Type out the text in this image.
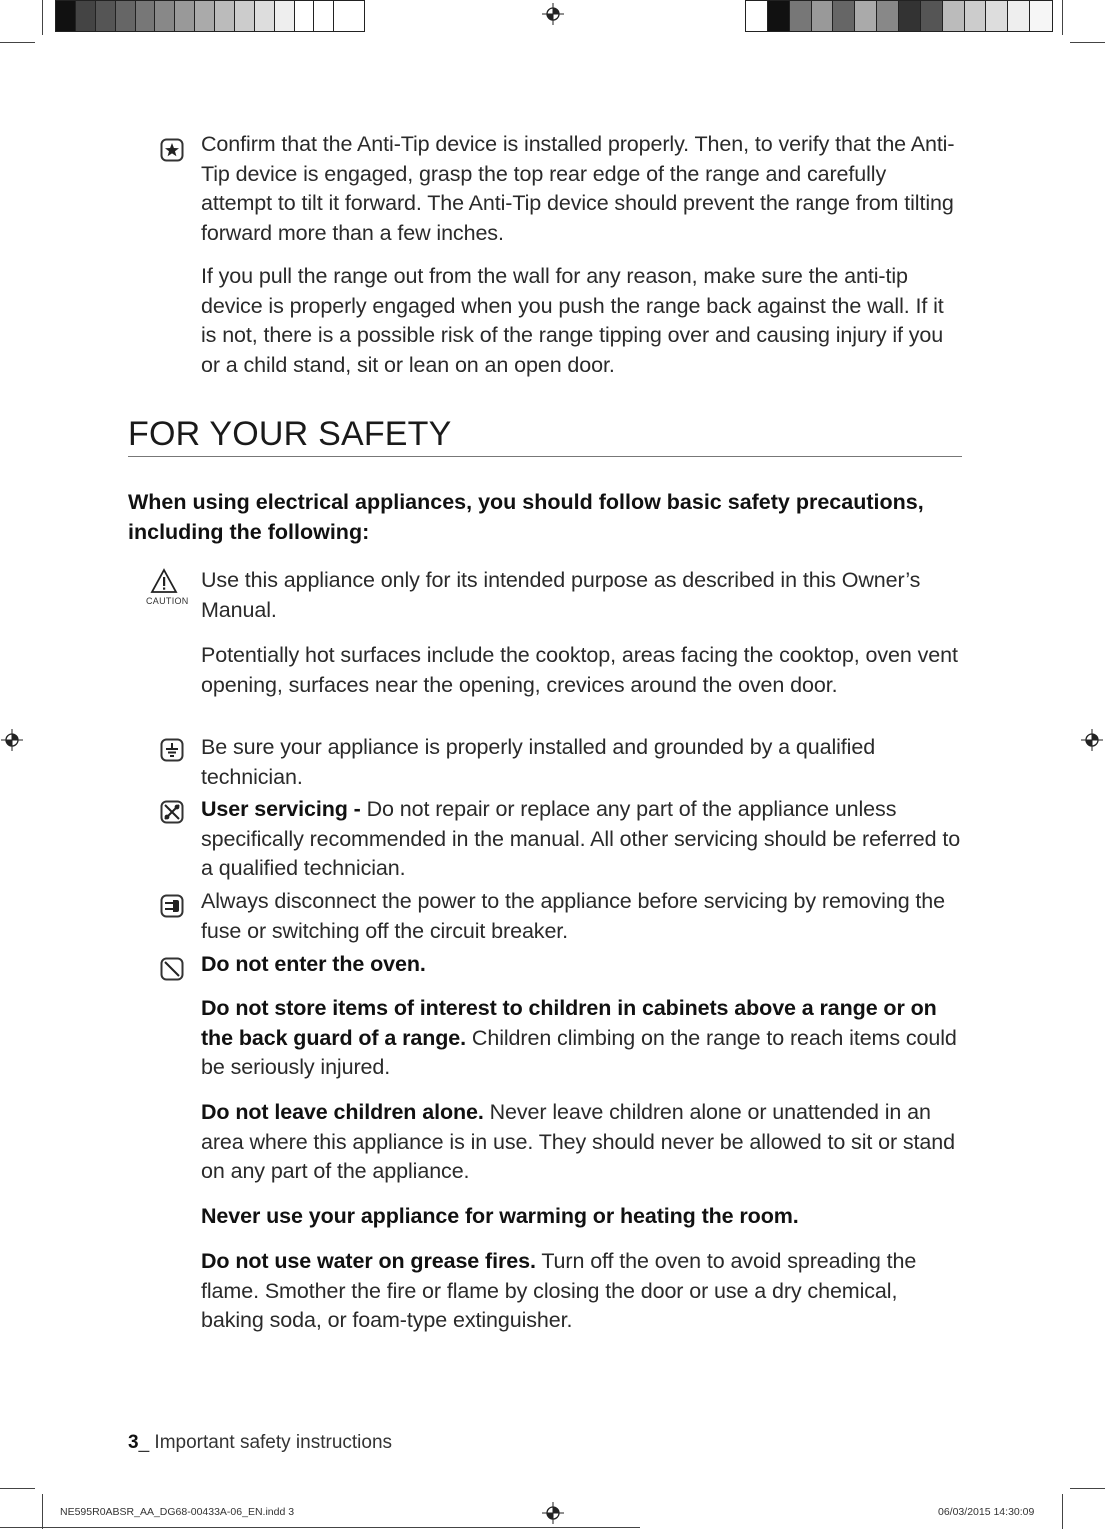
Confirm that the Anti-Tip device is installed properly. Then, to verify that the Anti-Tip device is engaged, grasp the top rear edge of the range and carefully attempt to tilt it forward. The Anti-Tip device should prevent the range from tilting forward more than a few inches.
If you pull the range out from the wall for any reason, make sure the anti-tip device is properly engaged when you push the range back against the wall. If it is not, there is a possible risk of the range tipping over and causing injury if you or a child stand, sit or lean on an open door.
FOR YOUR SAFETY
When using electrical appliances, you should follow basic safety precautions, including the following:
CAUTION
Use this appliance only for its intended purpose as described in this Owner’s Manual.
Potentially hot surfaces include the cooktop, areas facing the cooktop, oven vent opening, surfaces near the opening, crevices around the oven door.
Be sure your appliance is properly installed and grounded by a qualified technician.
User servicing - Do not repair or replace any part of the appliance unless specifically recommended in the manual. All other servicing should be referred to a qualified technician.
Always disconnect the power to the appliance before servicing by removing the fuse or switching off the circuit breaker.
Do not enter the oven.
Do not store items of interest to children in cabinets above a range or on the back guard of a range. Children climbing on the range to reach items could be seriously injured.
Do not leave children alone. Never leave children alone or unattended in an area where this appliance is in use. They should never be allowed to sit or stand on any part of the appliance.
Never use your appliance for warming or heating the room.
Do not use water on grease fires. Turn off the oven to avoid spreading the flame. Smother the fire or flame by closing the door or use a dry chemical, baking soda, or foam-type extinguisher.
3_ Important safety instructions
NE595R0ABSR_AA_DG68-00433A-06_EN.indd 3	06/03/2015 14:30:09
